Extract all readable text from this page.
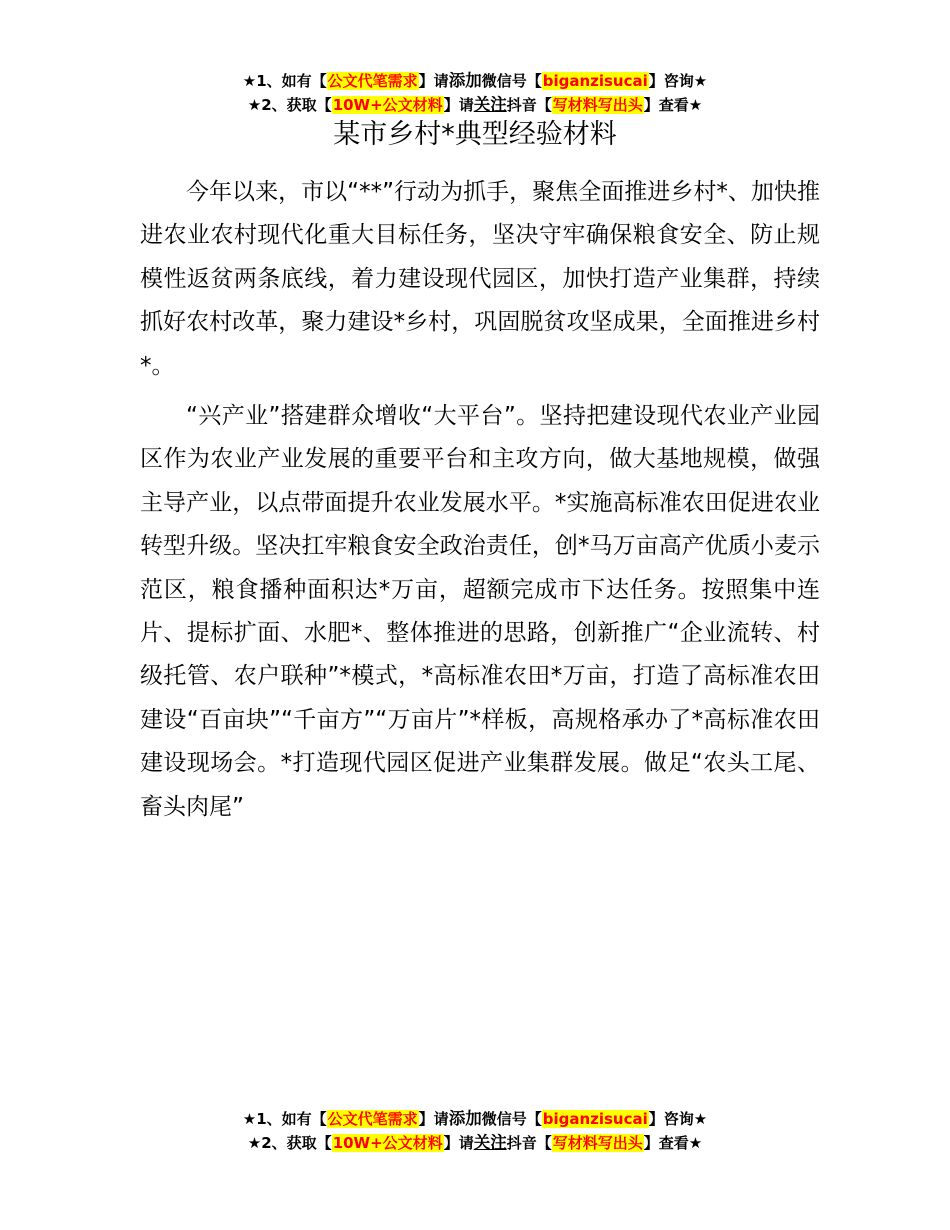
★1、如有【公文代笔需求】请添加微信号【biganzisucai】咨询★
★2、获取【10W+公文材料】请关注抖音【写材料写出头】查看★
某市乡村*典型经验材料

今年以来，市以“**”行动为抓手，聚焦全面推进乡村*、加快推进农业农村现代化重大目标任务，坚决守牢确保粮食安全、防止规模性返贫两条底线，着力建设现代园区，加快打造产业集群，持续抓好农村改革，聚力建设*乡村，巩固脱贫攻坚成果，全面推进乡村*。

“兴产业”搭建群众增收“大平台”。坚持把建设现代农业产业园区作为农业产业发展的重要平台和主攻方向，做大基地规模，做强主导产业，以点带面提升农业发展水平。*实施高标准农田促进农业转型升级。坚决扛牢粮食安全政治责任，创*马万亩高产优质小麦示范区，粮食播种面积达*万亩，超额完成市下达任务。按照集中连片、提标扩面、水肥*、整体推进的思路，创新推广“企业流转、村级托管、农户联种”*模式，*高标准农田*万亩，打造了高标准农田建设“百亩块”“千亩方”“万亩片”*样板，高规格承办了*高标准农田建设现场会。*打造现代园区促进产业集群发展。做足“农头工尾、畜头肉尾”

★1、如有【公文代笔需求】请添加微信号【biganzisucai】咨询★
★2、获取【10W+公文材料】请关注抖音【写材料写出头】查看★
